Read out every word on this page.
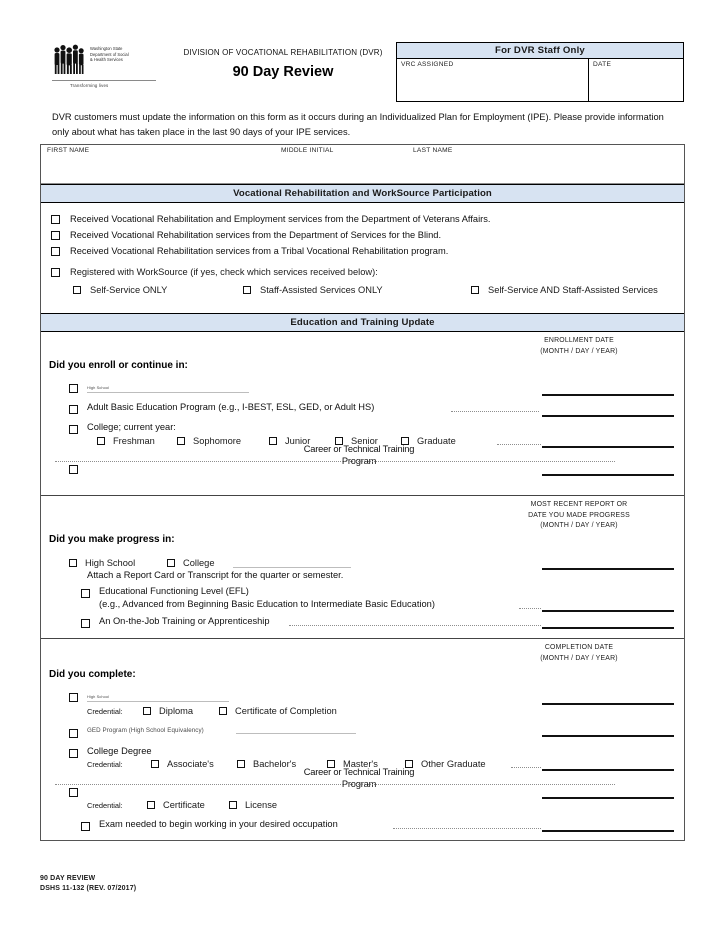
Washington State
Department of Social
& Health Services
Transforming lives
DIVISION OF VOCATIONAL REHABILITATION (DVR)
90 Day Review
For DVR Staff Only
VRC ASSIGNED	DATE
DVR customers must update the information on this form as it occurs during an Individualized Plan for Employment (IPE). Please provide information only about what has taken place in the last 90 days of your IPE services.
FIRST NAME	MIDDLE INITIAL	LAST NAME
Vocational Rehabilitation and WorkSource Participation
Received Vocational Rehabilitation and Employment services from the Department of Veterans Affairs.
Received Vocational Rehabilitation services from the Department of Services for the Blind.
Received Vocational Rehabilitation services from a Tribal Vocational Rehabilitation program.
Registered with WorkSource (if yes, check which services received below):
Self-Service ONLY	Staff-Assisted Services ONLY	Self-Service AND Staff-Assisted Services
Education and Training Update
ENROLLMENT DATE
(MONTH / DAY / YEAR)
Did you enroll or continue in:
High School
Adult Basic Education Program (e.g., I-BEST, ESL, GED, or Adult HS)
College; current year:
Freshman	Sophomore	Junior	Senior	Graduate
Career or Technical Training Program
MOST RECENT REPORT OR
DATE YOU MADE PROGRESS
(MONTH / DAY / YEAR)
Did you make progress in:
High School	College
Attach a Report Card or Transcript for the quarter or semester.
Educational Functioning Level (EFL)
(e.g., Advanced from Beginning Basic Education to Intermediate Basic Education)
An On-the-Job Training or Apprenticeship
COMPLETION DATE
(MONTH / DAY / YEAR)
Did you complete:
High School
Credential:	Diploma	Certificate of Completion
GED Program (High School Equivalency)
College Degree
Credential:	Associate's	Bachelor's	Master's	Other Graduate
Career or Technical Training Program
Credential:	Certificate	License
Exam needed to begin working in your desired occupation
90 DAY REVIEW
DSHS 11-132 (REV. 07/2017)
